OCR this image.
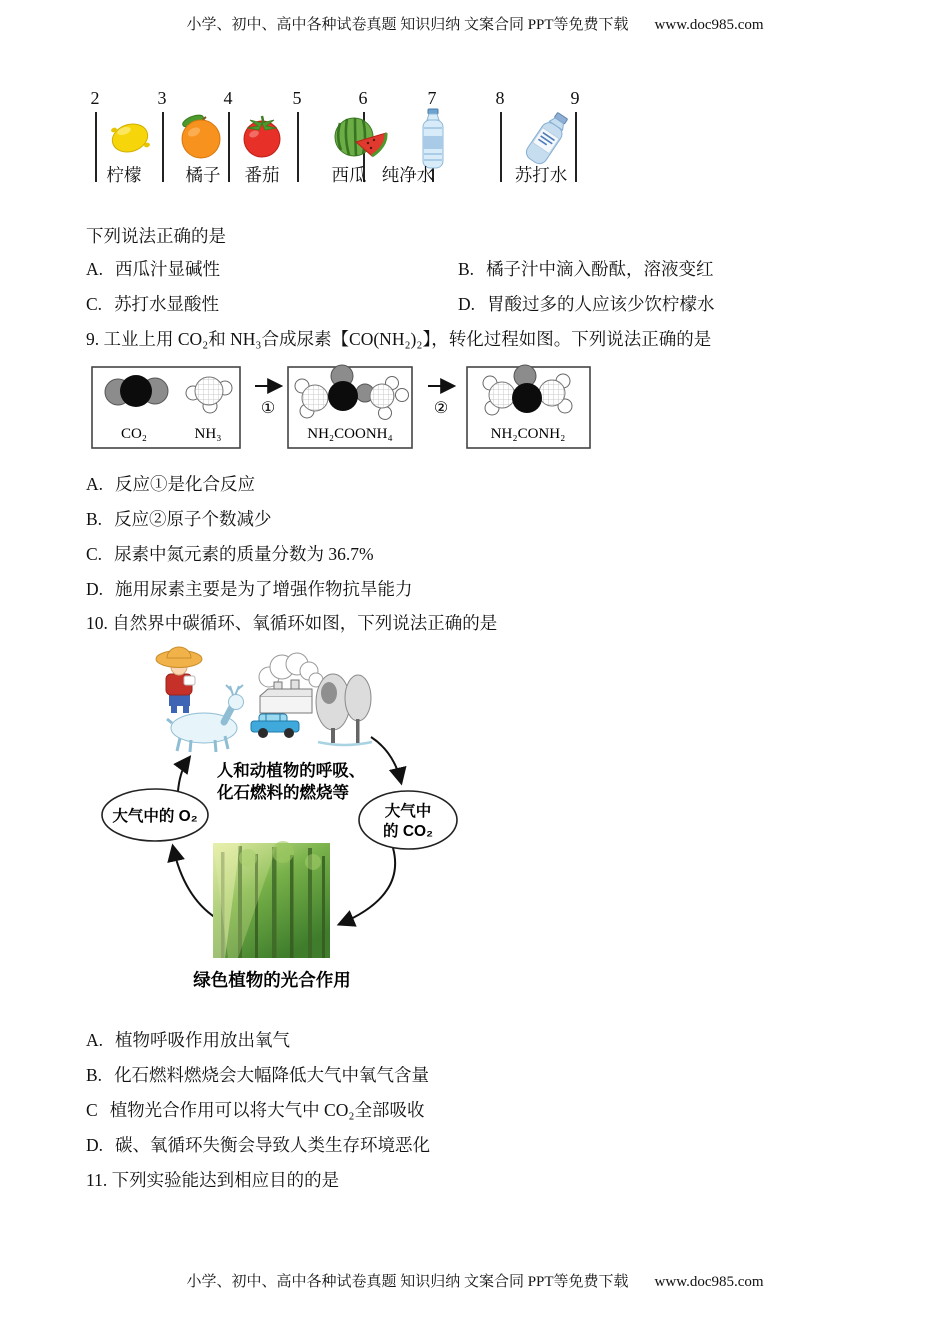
小学、初中、高中各种试卷真题 知识归纳 文案合同 PPT等免费下载 www.doc985.com
2	3	4	5	6	7	8	9
柠檬	橘子 番茄	西瓜 纯净水	苏打水
下列说法正确的是
A. 西瓜汁显碱性	B. 橘子汁中滴入酚酞，溶液变红
C. 苏打水显酸性	D. 胃酸过多的人应该少饮柠檬水
9. 工业上用 CO₂和 NH₃合成尿素【CO(NH₂)₂】，转化过程如图。下列说法正确的是
CO₂	NH₃
①
NH₂COONH₄
②
NH₂CONH₂
A. 反应①是化合反应
B. 反应②原子个数减少
C. 尿素中氮元素的质量分数为 36.7%
D. 施用尿素主要是为了增强作物抗旱能力
10. 自然界中碳循环、氧循环如图，下列说法正确的是
人和动植物的呼吸、
化石燃料的燃烧等
大气中的 O₂	大气中
的 CO₂
绿色植物的光合作用
A. 植物呼吸作用放出氧气
B. 化石燃料燃烧会大幅降低大气中氧气含量
C 植物光合作用可以将大气中 CO₂全部吸收
D. 碳、氧循环失衡会导致人类生存环境恶化
11. 下列实验能达到相应目的的是
小学、初中、高中各种试卷真题 知识归纳 文案合同 PPT等免费下载 www.doc985.com
